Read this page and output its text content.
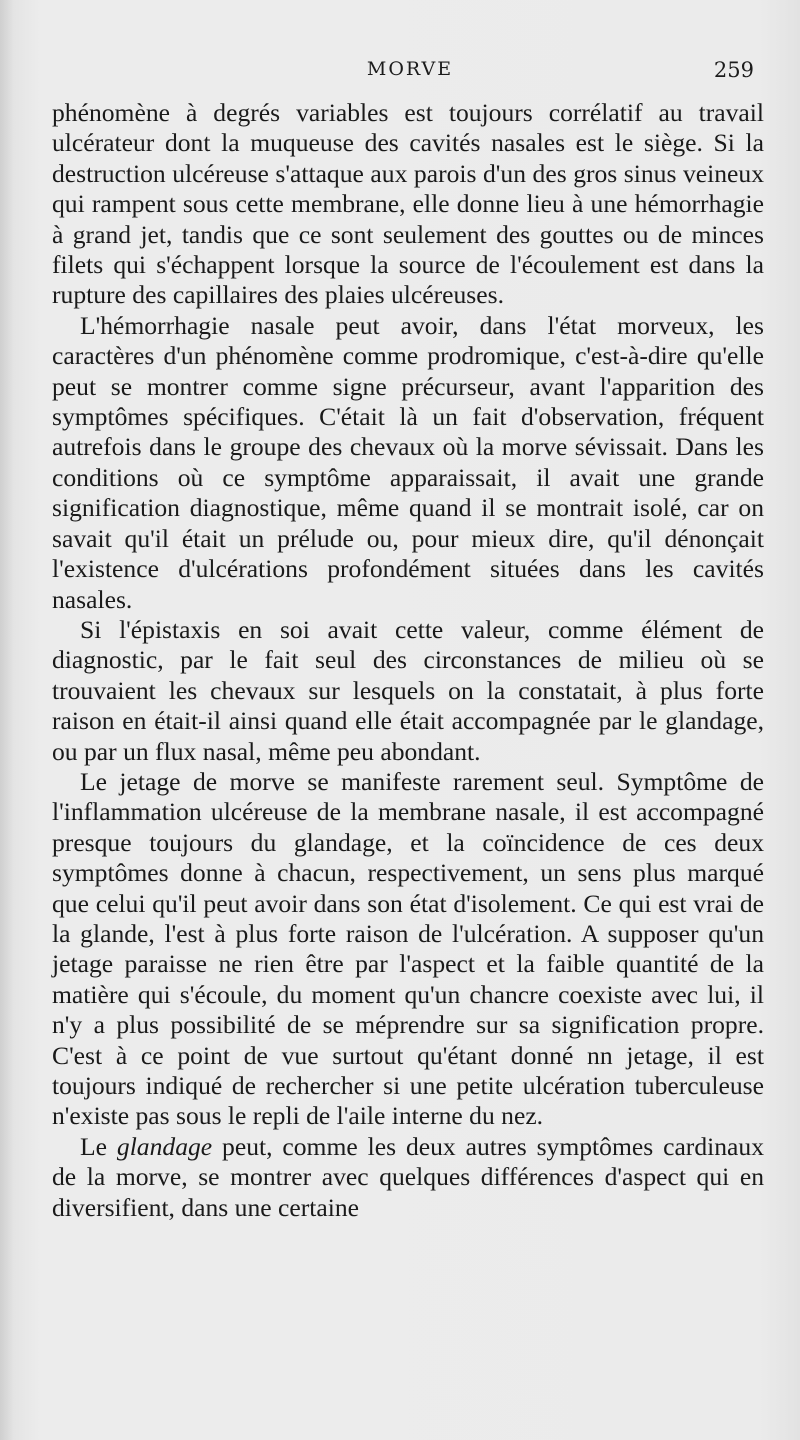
MORVE	259

phénomène à degrés variables est toujours corrélatif au travail ulcérateur dont la muqueuse des cavités nasales est le siège. Si la destruction ulcéreuse s'attaque aux parois d'un des gros sinus veineux qui rampent sous cette membrane, elle donne lieu à une hémorrhagie à grand jet, tandis que ce sont seulement des gouttes ou de minces filets qui s'échappent lorsque la source de l'écoulement est dans la rupture des capillaires des plaies ulcéreuses.

L'hémorrhagie nasale peut avoir, dans l'état morveux, les caractères d'un phénomène comme prodromique, c'est-à-dire qu'elle peut se montrer comme signe précurseur, avant l'apparition des symptômes spécifiques. C'était là un fait d'observation, fréquent autrefois dans le groupe des chevaux où la morve sévissait. Dans les conditions où ce symptôme apparaissait, il avait une grande signification diagnostique, même quand il se montrait isolé, car on savait qu'il était un prélude ou, pour mieux dire, qu'il dénonçait l'existence d'ulcérations profondément situées dans les cavités nasales.

Si l'épistaxis en soi avait cette valeur, comme élément de diagnostic, par le fait seul des circonstances de milieu où se trouvaient les chevaux sur lesquels on la constatait, à plus forte raison en était-il ainsi quand elle était accompagnée par le glandage, ou par un flux nasal, même peu abondant.

Le jetage de morve se manifeste rarement seul. Symptôme de l'inflammation ulcéreuse de la membrane nasale, il est accompagné presque toujours du glandage, et la coïncidence de ces deux symptômes donne à chacun, respectivement, un sens plus marqué que celui qu'il peut avoir dans son état d'isolement. Ce qui est vrai de la glande, l'est à plus forte raison de l'ulcération. A supposer qu'un jetage paraisse ne rien être par l'aspect et la faible quantité de la matière qui s'écoule, du moment qu'un chancre coexiste avec lui, il n'y a plus possibilité de se méprendre sur sa signification propre. C'est à ce point de vue surtout qu'étant donné nn jetage, il est toujours indiqué de rechercher si une petite ulcération tuberculeuse n'existe pas sous le repli de l'aile interne du nez.

Le glandage peut, comme les deux autres symptômes cardinaux de la morve, se montrer avec quelques différences d'aspect qui en diversifient, dans une certaine
